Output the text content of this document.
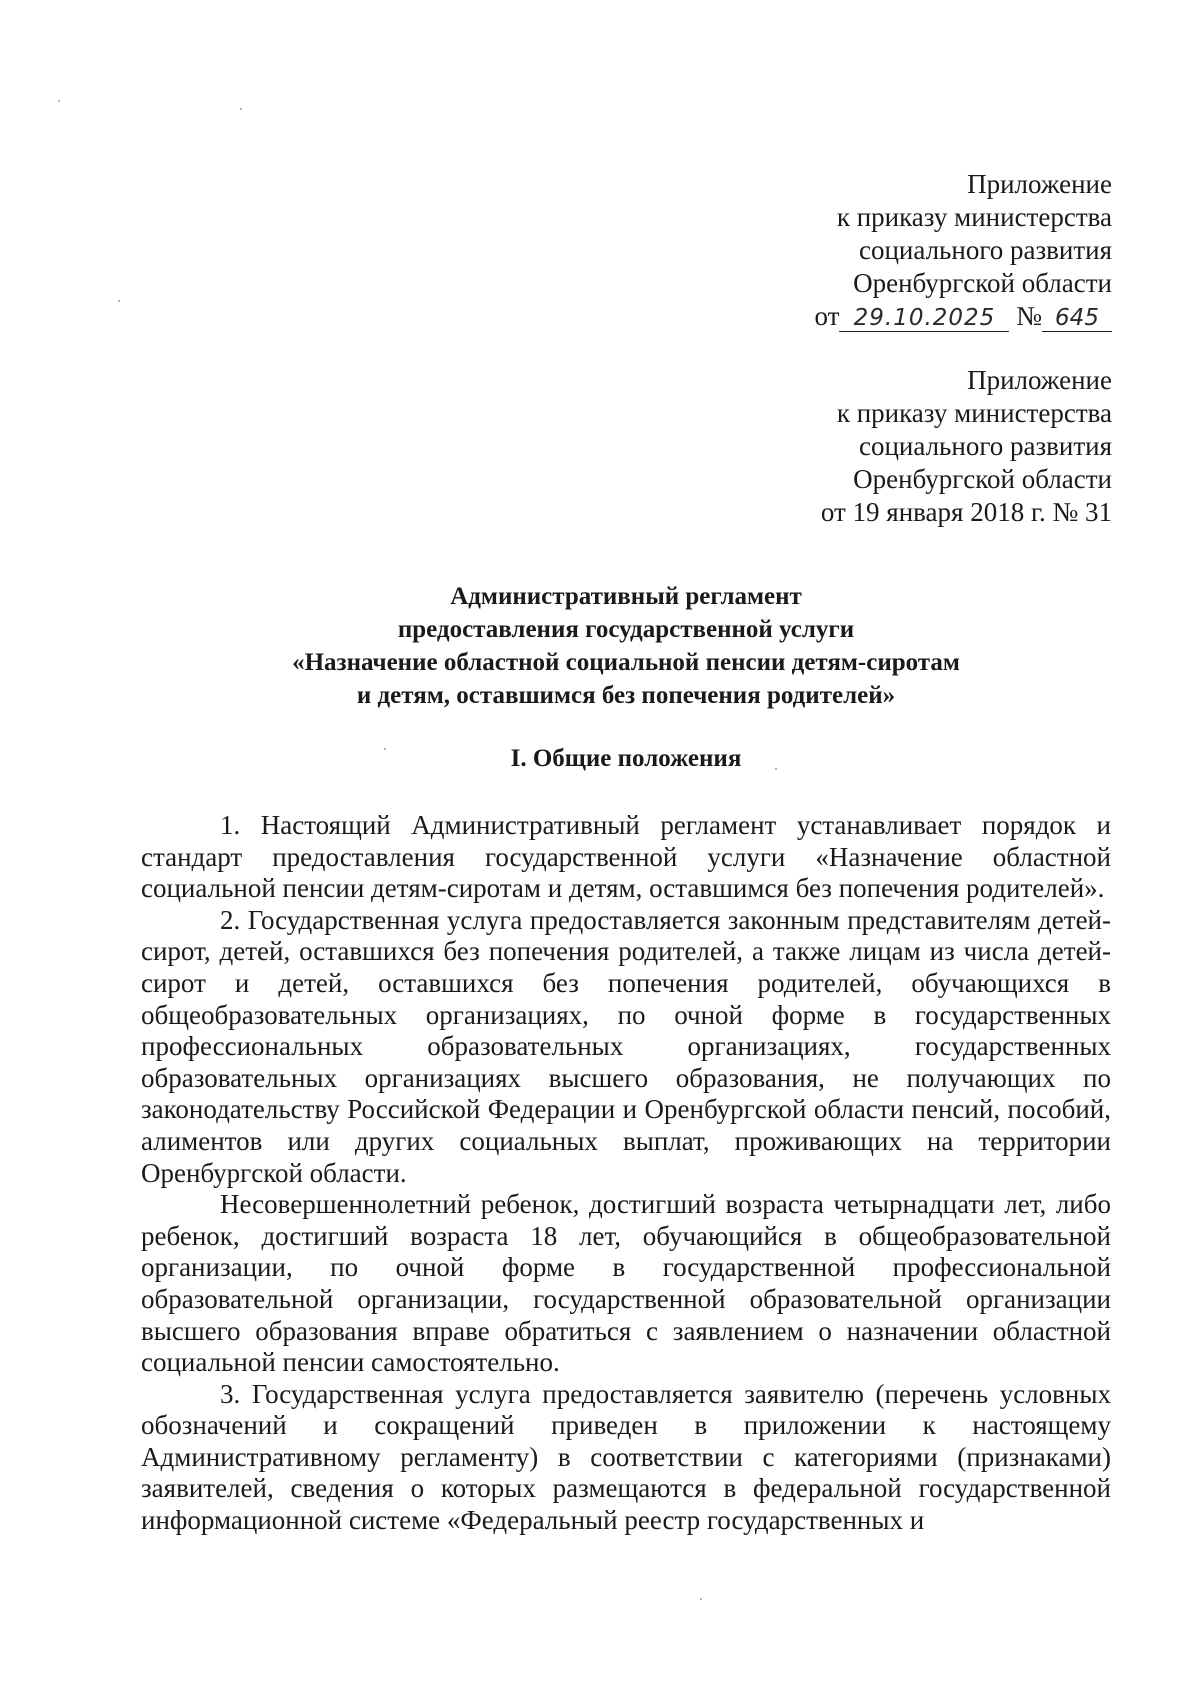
Приложение
к приказу министерства
социального развития
Оренбургской области
от 29.10.2025 № 645
Приложение
к приказу министерства
социального развития
Оренбургской области
от 19 января 2018 г. № 31
Административный регламент
предоставления государственной услуги
«Назначение областной социальной пенсии детям-сиротам
и детям, оставшимся без попечения родителей»
I. Общие положения

1. Настоящий Административный регламент устанавливает порядок и стандарт предоставления государственной услуги «Назначение областной социальной пенсии детям-сиротам и детям, оставшимся без попечения родителей».

2. Государственная услуга предоставляется законным представителям детей-сирот, детей, оставшихся без попечения родителей, а также лицам из числа детей-сирот и детей, оставшихся без попечения родителей, обучающихся в общеобразовательных организациях, по очной форме в государственных профессиональных образовательных организациях, государственных образовательных организациях высшего образования, не получающих по законодательству Российской Федерации и Оренбургской области пенсий, пособий, алиментов или других социальных выплат, проживающих на территории Оренбургской области.

Несовершеннолетний ребенок, достигший возраста четырнадцати лет, либо ребенок, достигший возраста 18 лет, обучающийся в общеобразовательной организации, по очной форме в государственной профессиональной образовательной организации, государственной образовательной организации высшего образования вправе обратиться с заявлением о назначении областной социальной пенсии самостоятельно.

3. Государственная услуга предоставляется заявителю (перечень условных обозначений и сокращений приведен в приложении к настоящему Административному регламенту) в соответствии с категориями (признаками) заявителей, сведения о которых размещаются в федеральной государственной информационной системе «Федеральный реестр государственных и
